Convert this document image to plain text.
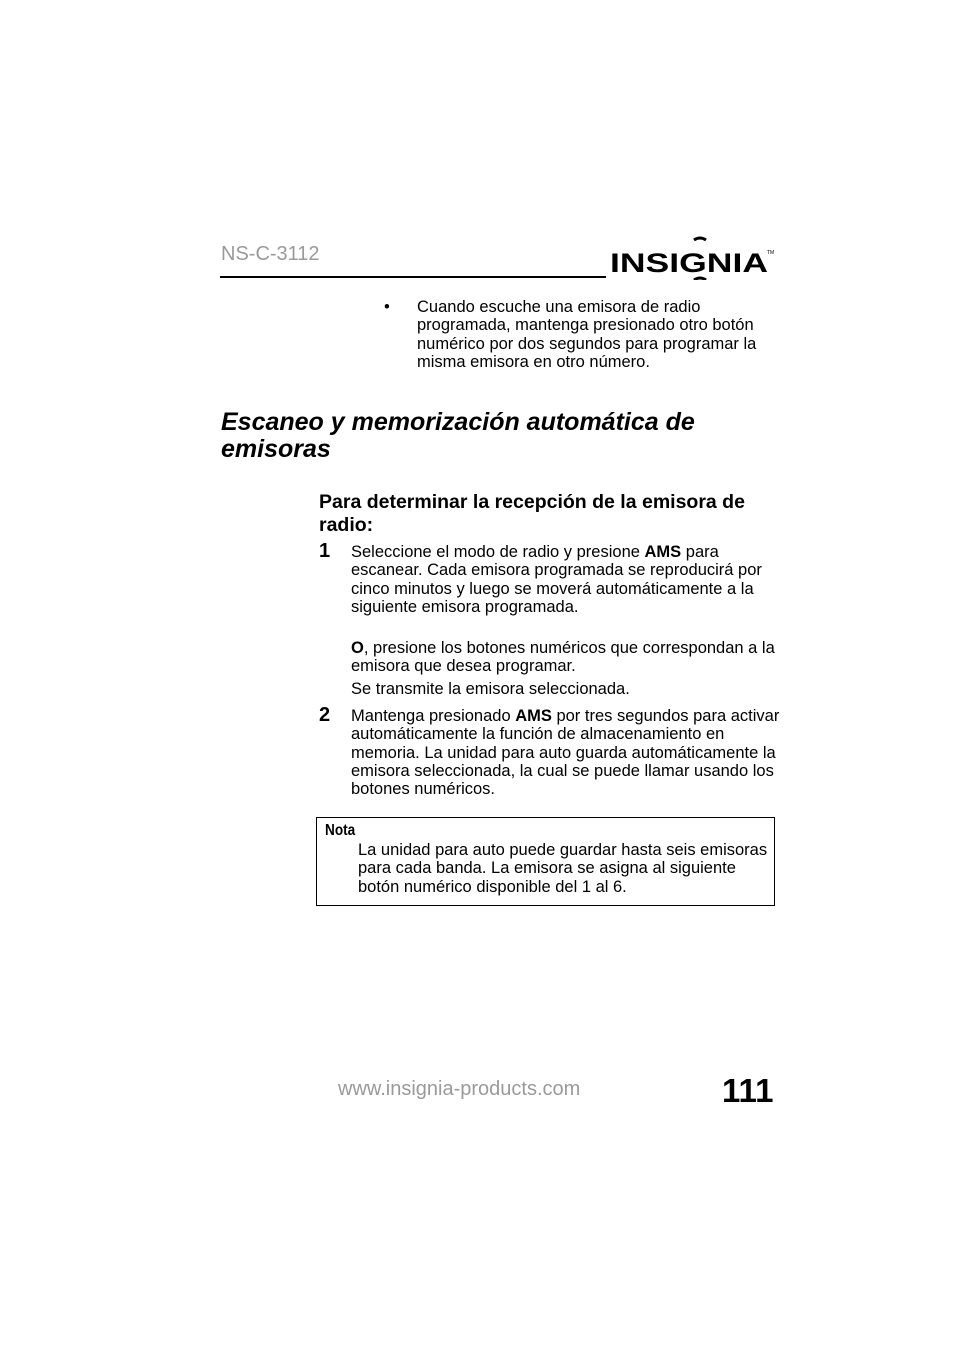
NS-C-3112	INSIGNIA TM
• Cuando escuche una emisora de radio programada, mantenga presionado otro botón numérico por dos segundos para programar la misma emisora en otro número.
Escaneo y memorización automática de emisoras
Para determinar la recepción de la emisora de radio:
1 Seleccione el modo de radio y presione AMS para escanear. Cada emisora programada se reproducirá por cinco minutos y luego se moverá automáticamente a la siguiente emisora programada.
O, presione los botones numéricos que correspondan a la emisora que desea programar.
Se transmite la emisora seleccionada.
2 Mantenga presionado AMS por tres segundos para activar automáticamente la función de almacenamiento en memoria. La unidad para auto guarda automáticamente la emisora seleccionada, la cual se puede llamar usando los botones numéricos.
Nota
La unidad para auto puede guardar hasta seis emisoras para cada banda. La emisora se asigna al siguiente botón numérico disponible del 1 al 6.
www.insignia-products.com	111
